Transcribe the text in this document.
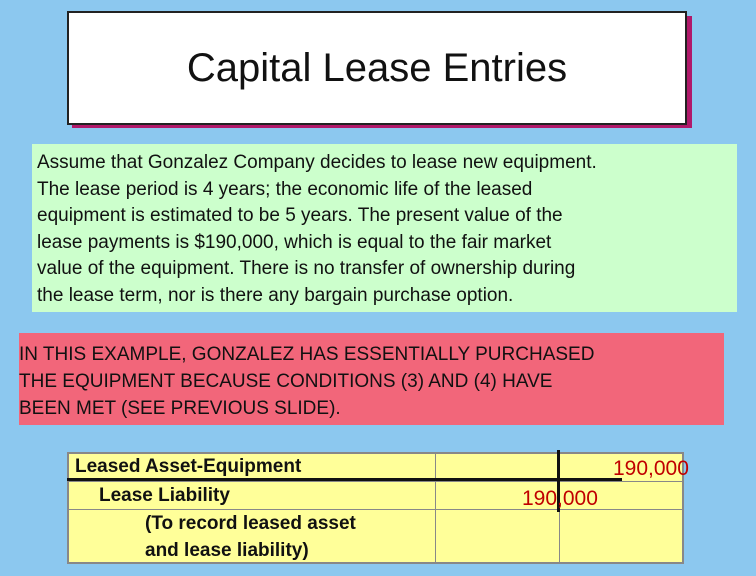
Capital Lease Entries
Assume that Gonzalez Company decides to lease new equipment.
The lease period is 4 years; the economic life of the leased
equipment is estimated to be 5 years. The present value of the
lease payments is $190,000, which is equal to the fair market
value of the equipment. There is no transfer of ownership during
the lease term, nor is there any bargain purchase option.
IN THIS EXAMPLE, GONZALEZ HAS ESSENTIALLY PURCHASED
THE EQUIPMENT BECAUSE CONDITIONS (3) AND (4) HAVE
BEEN MET (SEE PREVIOUS SLIDE).
Leased Asset-Equipment
Lease Liability
(To record leased asset
and lease liability)
190,000
190,000
